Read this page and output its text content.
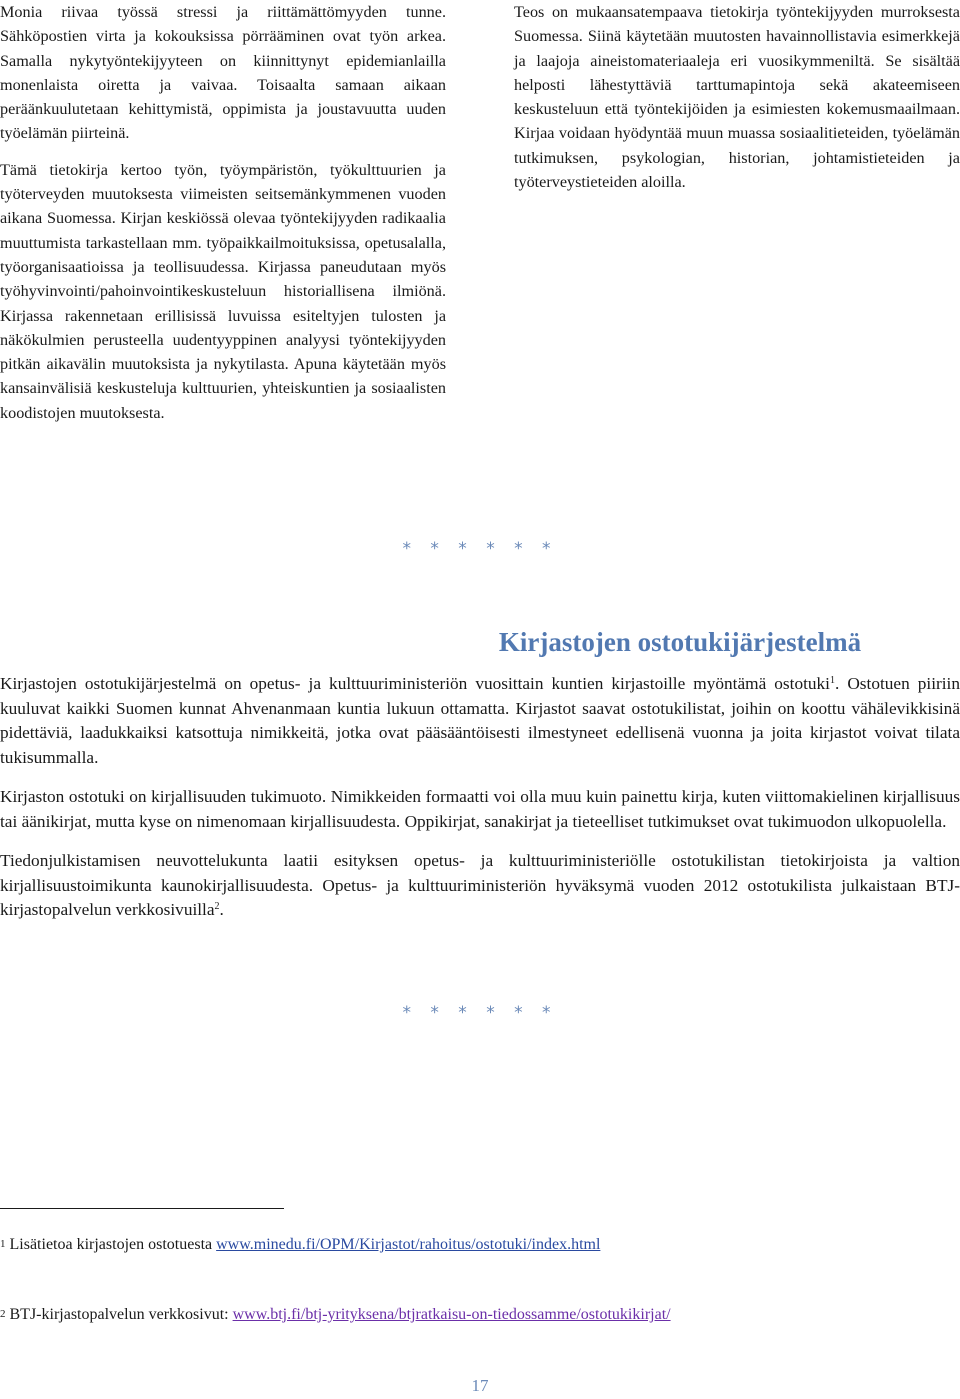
Monia riivaa työssä stressi ja riittämättömyyden tunne. Sähköpostien virta ja kokouksissa pörrääminen ovat työn arkea. Samalla nykytyöntekijyyteen on kiinnittynyt epidemianlailla monenlaista oiretta ja vaivaa. Toisaalta samaan aikaan peräänkuulutetaan kehittymistä, oppimista ja joustavuutta uuden työelämän piirteinä.

Tämä tietokirja kertoo työn, työympäristön, työkulttuurien ja työterveyden muutoksesta viimeisten seitsemänkymmenen vuoden aikana Suomessa. Kirjan keskiössä olevaa työntekijyyden radikaalia muuttumista tarkastellaan mm. työpaikkailmoituksissa, opetusalalla, työorganisaatioissa ja teollisuudessa. Kirjassa paneudutaan myös työhyvinvointi/pahoinvointikeskusteluun historiallisena ilmiönä. Kirjassa rakennetaan erillisissä luvuissa esiteltyjen tulosten ja näkökulmien perusteella uudentyyppinen analyysi työntekijyyden pitkän aikavälin muutoksista ja nykytilasta. Apuna käytetään myös kansainvälisiä keskusteluja kulttuurien, yhteiskuntien ja sosiaalisten koodistojen muutoksesta.

Teos on mukaansatempaava tietokirja työntekijyyden murroksesta Suomessa. Siinä käytetään muutosten havainnollistavia esimerkkejä ja laajoja aineistomateriaaleja eri vuosikymmeniltä. Se sisältää helposti lähestyttäviä tarttumapintoja sekä akateemiseen keskusteluun että työntekijöiden ja esimiesten kokemusmaailmaan. Kirjaa voidaan hyödyntää muun muassa sosiaalitieteiden, työelämän tutkimuksen, psykologian, historian, johtamistieteiden ja työterveystieteiden aloilla.

* * * * * *
Kirjastojen ostotukijärjestelmä

Kirjastojen ostotukijärjestelmä on opetus- ja kulttuuriministeriön vuosittain kuntien kirjastoille myöntämä ostotuki$^1$. Ostotuen piiriin kuuluvat kaikki Suomen kunnat Ahvenanmaan kuntia lukuun ottamatta. Kirjastot saavat ostotukilistat, joihin on koottu vähälevikkisinä pidettäviä, laadukkaiksi katsottuja nimikkeitä, jotka ovat pääsääntöisesti ilmestyneet edellisenä vuonna ja joita kirjastot voivat tilata tukisummalla.

Kirjaston ostotuki on kirjallisuuden tukimuoto. Nimikkeiden formaatti voi olla muu kuin painettu kirja, kuten viittomakielinen kirjallisuus tai äänikirjat, mutta kyse on nimenomaan kirjallisuudesta. Oppikirjat, sanakirjat ja tieteelliset tutkimukset ovat tukimuodon ulkopuolella.

Tiedonjulkistamisen neuvottelukunta laatii esityksen opetus- ja kulttuuriministeriölle ostotukilistan tietokirjoista ja valtion kirjallisuustoimikunta kaunokirjallisuudesta. Opetus- ja kulttuuriministeriön hyväksymä vuoden 2012 ostotukilista julkaistaan BTJ-kirjastopalvelun verkkosivuilla$^2$.

* * * * * *
1 Lisätietoa kirjastojen ostotuesta www.minedu.fi/OPM/Kirjastot/rahoitus/ostotuki/index.html
2 BTJ-kirjastopalvelun verkkosivut: www.btj.fi/btj-yrityksena/btjratkaisu-on-tiedossamme/ostotukikirjat/
17
